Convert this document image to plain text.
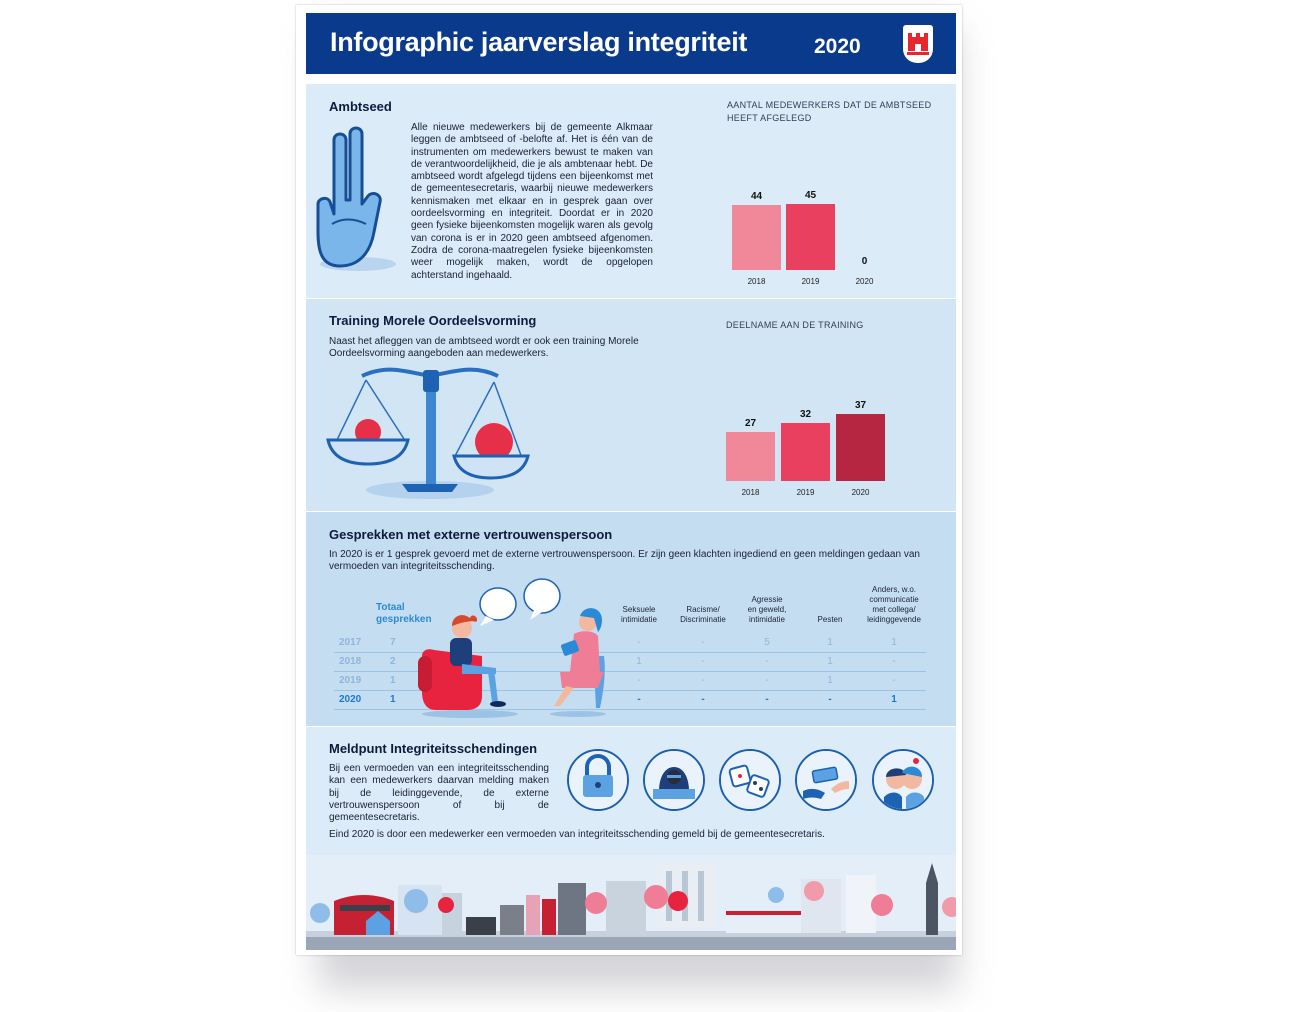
Infographic jaarverslag integriteit	2020
Ambtseed
Alle nieuwe medewerkers bij de gemeente Alkmaar leggen de ambtseed of -belofte af. Het is één van de instrumenten om medewerkers bewust te maken van de verantwoordelijkheid, die je als ambtenaar hebt. De ambtseed wordt afgelegd tijdens een bijeenkomst met de gemeentesecretaris, waarbij nieuwe medewerkers kennismaken met elkaar en in gesprek gaan over oordeelsvorming en integriteit. Doordat er in 2020 geen fysieke bijeenkomsten mogelijk waren als gevolg van corona is er in 2020 geen ambtseed afgenomen. Zodra de corona-maatregelen fysieke bijeenkomsten weer mogelijk maken, wordt de opgelopen achterstand ingehaald.
AANTAL MEDEWERKERS DAT DE AMBTSEED HEEFT AFGELEGD
44
2018
45
2019
0
2020
Training Morele Oordeelsvorming
Naast het afleggen van de ambtseed wordt er ook een training Morele Oordeelsvorming aangeboden aan medewerkers.
DEELNAME AAN DE TRAINING
27
2018
32
2019
37
2020
Gesprekken met externe vertrouwenspersoon
In 2020 is er 1 gesprek gevoerd met de externe vertrouwenspersoon. Er zijn geen klachten ingediend en geen meldingen gedaan van vermoeden van integriteitsschending.
Totaal
gesprekken
Seksuele
intimidatie
Racisme/
Discriminatie
Agressie
en geweld,
intimidatie	Pesten
Anders, w.o.
communicatie
met collega/
leidinggevende
2017	7	-	-	5	1	1
2018	2	1	-	-	1	-
2019	1	-	-	-	1	-
2020	1	-	-	-	-	1
Meldpunt Integriteitsschendingen
Bij een vermoeden van een integriteitsschending kan een medewerkers daarvan melding maken bij de leidinggevende, de externe vertrouwenspersoon of bij de gemeentesecretaris.
Eind 2020 is door een medewerker een vermoeden van integriteitsschending gemeld bij de gemeentesecretaris.
